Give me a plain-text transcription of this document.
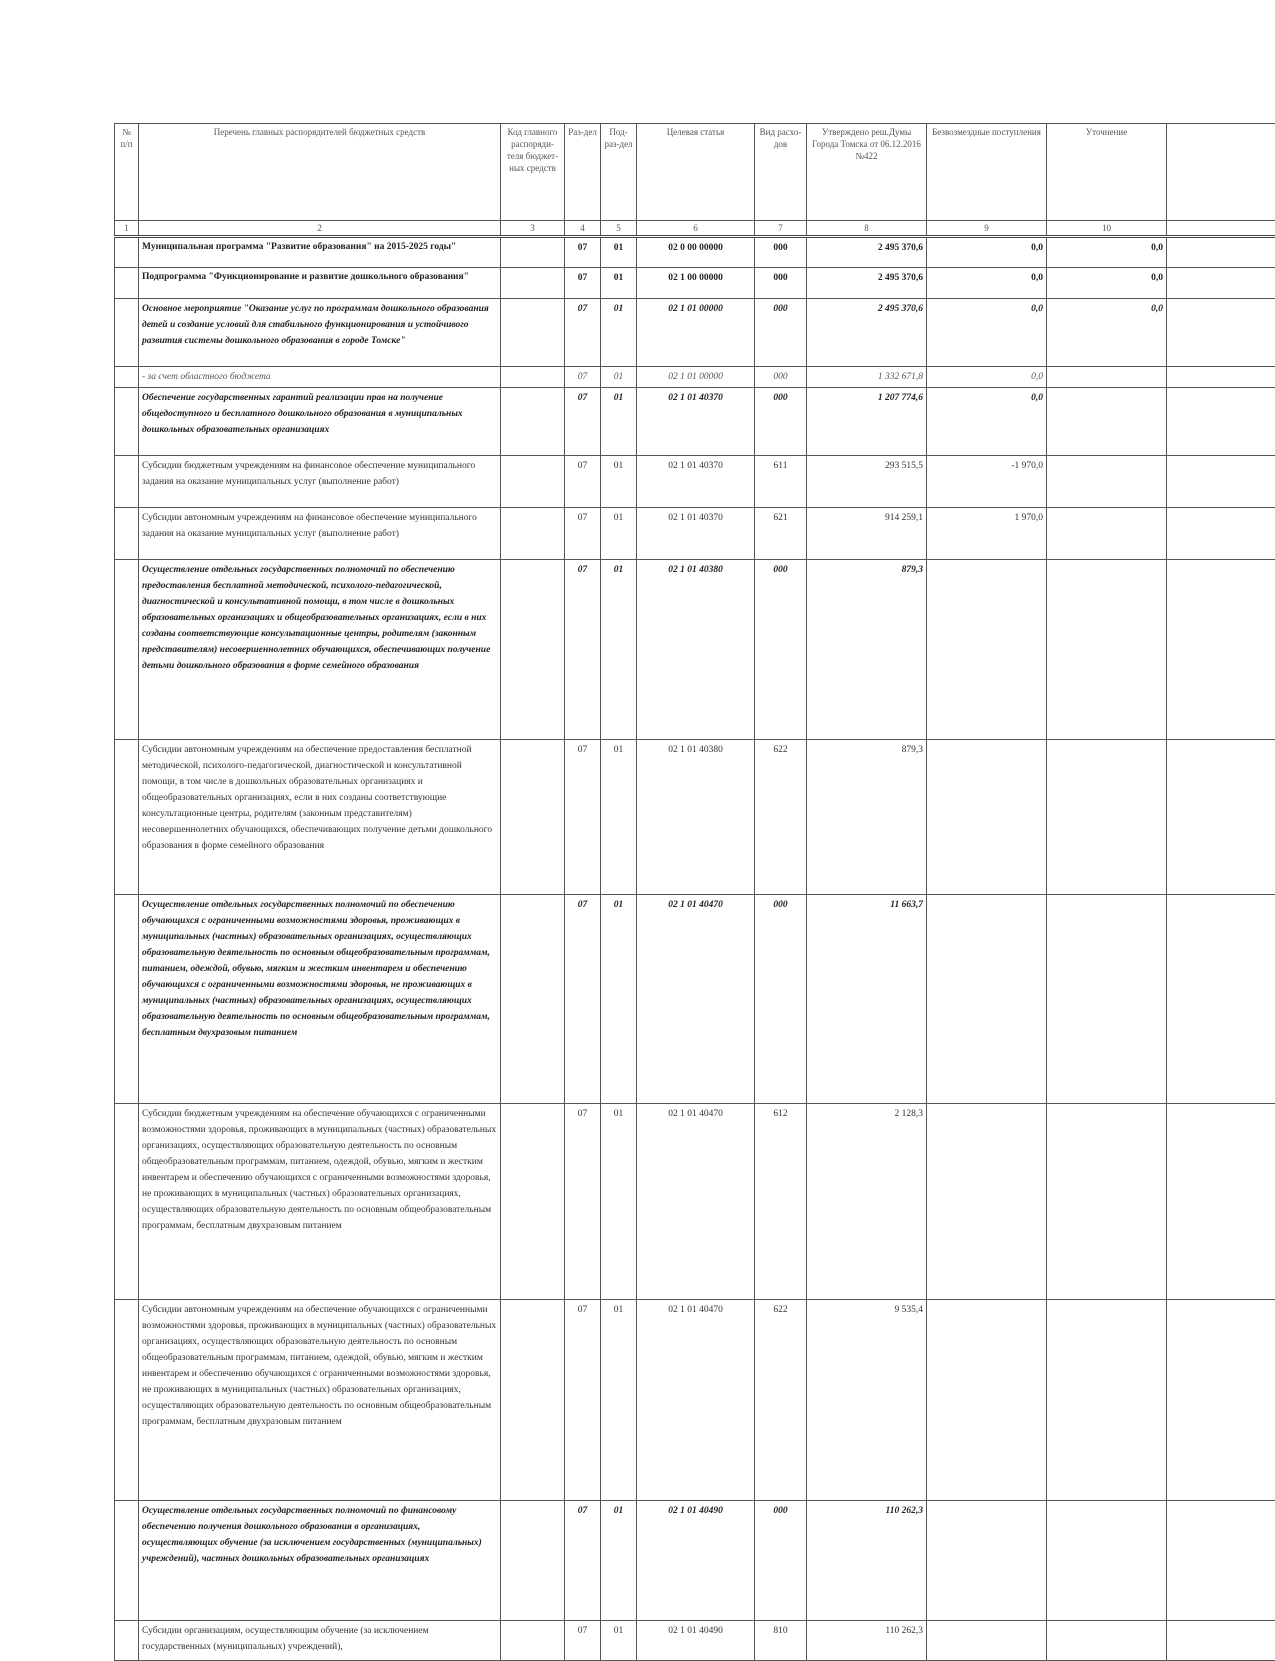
№ п/п	Перечень главных распорядителей бюджетных средств	Код главного распоряди-теля бюджет-ных средств	Раз-дел	Под-раз-дел	Целевая статья	Вид расхо-дов	Утверждено реш.Думы Города Томска от 06.12.2016 №422	Безвозмездные поступления	Уточнение	
1	2	3	4	5	6	7	8	9	10	
	Муниципальная программа "Развитие образования" на 2015-2025 годы"		07	01	02 0 00 00000	000	2 495 370,6	0,0	0,0	
	Подпрограмма "Функционирование и развитие дошкольного образования"		07	01	02 1 00 00000	000	2 495 370,6	0,0	0,0	
	Основное мероприятие "Оказание услуг по программам дошкольного образования детей и создание условий для стабильного функционирования и устойчивого развития системы дошкольного образования в городе Томске"		07	01	02 1 01 00000	000	2 495 370,6	0,0	0,0	
	- за счет областного бюджета		07	01	02 1 01 00000	000	1 332 671,8	0,0		
	Обеспечение государственных гарантий реализации прав на получение общедоступного и бесплатного дошкольного образования в муниципальных дошкольных образовательных организациях		07	01	02 1 01 40370	000	1 207 774,6	0,0		
	Субсидии бюджетным учреждениям на финансовое обеспечение муниципального задания на оказание муниципальных услуг (выполнение работ)		07	01	02 1 01 40370	611	293 515,5	-1 970,0		
	Субсидии автономным учреждениям на финансовое обеспечение муниципального задания на оказание муниципальных услуг (выполнение работ)		07	01	02 1 01 40370	621	914 259,1	1 970,0		
	Осуществление отдельных государственных полномочий по обеспечению предоставления бесплатной методической, психолого-педагогической, диагностической и консультативной помощи, в том числе в дошкольных образовательных организациях и общеобразовательных организациях, если в них созданы соответствующие консультационные центры, родителям (законным представителям) несовершеннолетних обучающихся, обеспечивающих получение детьми дошкольного образования в форме семейного образования		07	01	02 1 01 40380	000	879,3			
	Субсидии автономным учреждениям на обеспечение предоставления бесплатной методической, психолого-педагогической, диагностической и консультативной помощи, в том числе в дошкольных образовательных организациях и общеобразовательных организациях, если в них созданы соответствующие консультационные центры, родителям (законным представителям) несовершеннолетних обучающихся, обеспечивающих получение детьми дошкольного образования в форме семейного образования		07	01	02 1 01 40380	622	879,3			
	Осуществление отдельных государственных полномочий по обеспечению обучающихся с ограниченными возможностями здоровья, проживающих в муниципальных (частных) образовательных организациях, осуществляющих образовательную деятельность по основным общеобразовательным программам, питанием, одеждой, обувью, мягким и жестким инвентарем и обеспечению обучающихся с ограниченными возможностями здоровья, не проживающих в муниципальных (частных) образовательных организациях, осуществляющих образовательную деятельность по основным общеобразовательным программам, бесплатным двухразовым питанием		07	01	02 1 01 40470	000	11 663,7			
	Субсидии бюджетным учреждениям на обеспечение обучающихся с ограниченными возможностями здоровья, проживающих в муниципальных (частных) образовательных организациях, осуществляющих образовательную деятельность по основным общеобразовательным программам, питанием, одеждой, обувью, мягким и жестким инвентарем и обеспечению обучающихся с ограниченными возможностями здоровья, не проживающих в муниципальных (частных) образовательных организациях, осуществляющих образовательную деятельность по основным общеобразовательным программам, бесплатным двухразовым питанием		07	01	02 1 01 40470	612	2 128,3			
	Субсидии автономным учреждениям на обеспечение обучающихся с ограниченными возможностями здоровья, проживающих в муниципальных (частных) образовательных организациях, осуществляющих образовательную деятельность по основным общеобразовательным программам, питанием, одеждой, обувью, мягким и жестким инвентарем и обеспечению обучающихся с ограниченными возможностями здоровья, не проживающих в муниципальных (частных) образовательных организациях, осуществляющих образовательную деятельность по основным общеобразовательным программам, бесплатным двухразовым питанием		07	01	02 1 01 40470	622	9 535,4			
	Осуществление отдельных государственных полномочий по финансовому обеспечению получения дошкольного образования в организациях, осуществляющих обучение (за исключением государственных (муниципальных) учреждений), частных дошкольных образовательных организациях		07	01	02 1 01 40490	000	110 262,3			
	Субсидии организациям, осуществляющим обучение (за исключением государственных (муниципальных) учреждений),		07	01	02 1 01 40490	810	110 262,3			
